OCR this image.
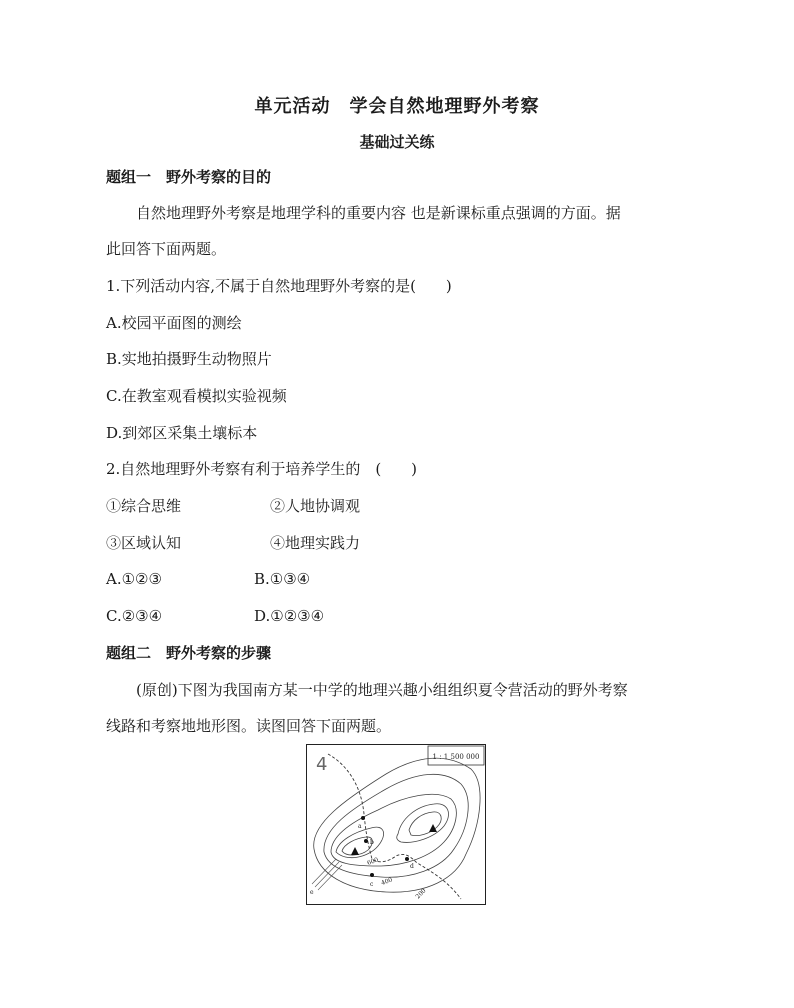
单元活动　学会自然地理野外考察
基础过关练
题组一　野外考察的目的
自然地理野外考察是地理学科的重要内容 也是新课标重点强调的方面。据
此回答下面两题。
1.下列活动内容,不属于自然地理野外考察的是(　　)
A.校园平面图的测绘
B.实地拍摄野生动物照片
C.在教室观看模拟实验视频
D.到郊区采集土壤标本
2.自然地理野外考察有利于培养学生的　(　　)
①综合思维	②人地协调观
③区域认知	④地理实践力
A.①②③	B.①③④
C.②③④	D.①②③④
题组二　野外考察的步骤
(原创)下图为我国南方某一中学的地理兴趣小组组织夏令营活动的野外考察
线路和考察地地形图。读图回答下面两题。
1 : 1 500 000
4
a
b
c
d
e
600
400
200
